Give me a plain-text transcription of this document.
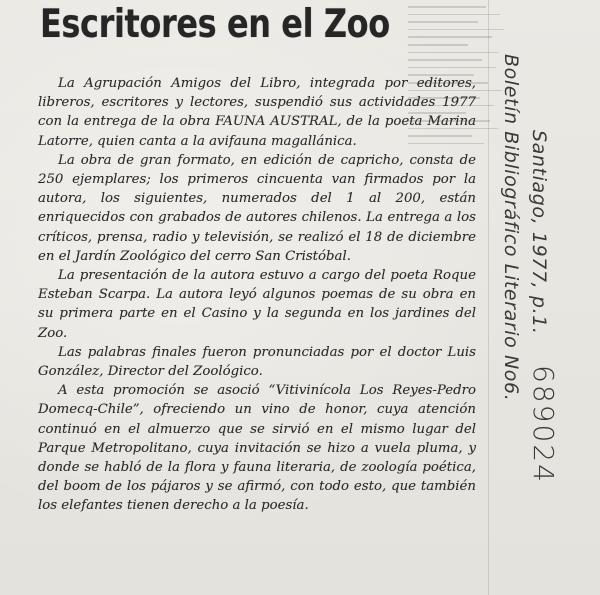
Escritores en el Zoo

La Agrupación Amigos del Libro, integrada por editores, libreros, escritores y lectores, suspendió sus actividades 1977 con la entrega de la obra FAUNA AUSTRAL, de la poeta Marina Latorre, quien canta a la avifauna magallánica.

La obra de gran formato, en edición de capricho, consta de 250 ejemplares; los primeros cincuenta van firmados por la autora, los siguientes, numerados del 1 al 200, están enriquecidos con grabados de autores chilenos. La entrega a los críticos, prensa, radio y televisión, se realizó el 18 de diciembre en el Jardín Zoológico del cerro San Cristóbal.

La presentación de la autora estuvo a cargo del poeta Roque Esteban Scarpa. La autora leyó algunos poemas de su obra en su primera parte en el Casino y la segunda en los jardines del Zoo.

Las palabras finales fueron pronunciadas por el doctor Luis González, Director del Zoológico.

A esta promoción se asoció “Vitivinícola Los Reyes-Pedro Domecq-Chile”, ofreciendo un vino de honor, cuya atención continuó en el almuerzo que se sirvió en el mismo lugar del Parque Metropolitano, cuya invitación se hizo a vuela pluma, y donde se habló de la flora y fauna literaria, de zoología poética, del boom de los pájaros y se afirmó, con todo esto, que también los elefantes tienen derecho a la poesía.

Boletín Bibliográfico Literario No6. Santiago, 1977, p.1.
689024
